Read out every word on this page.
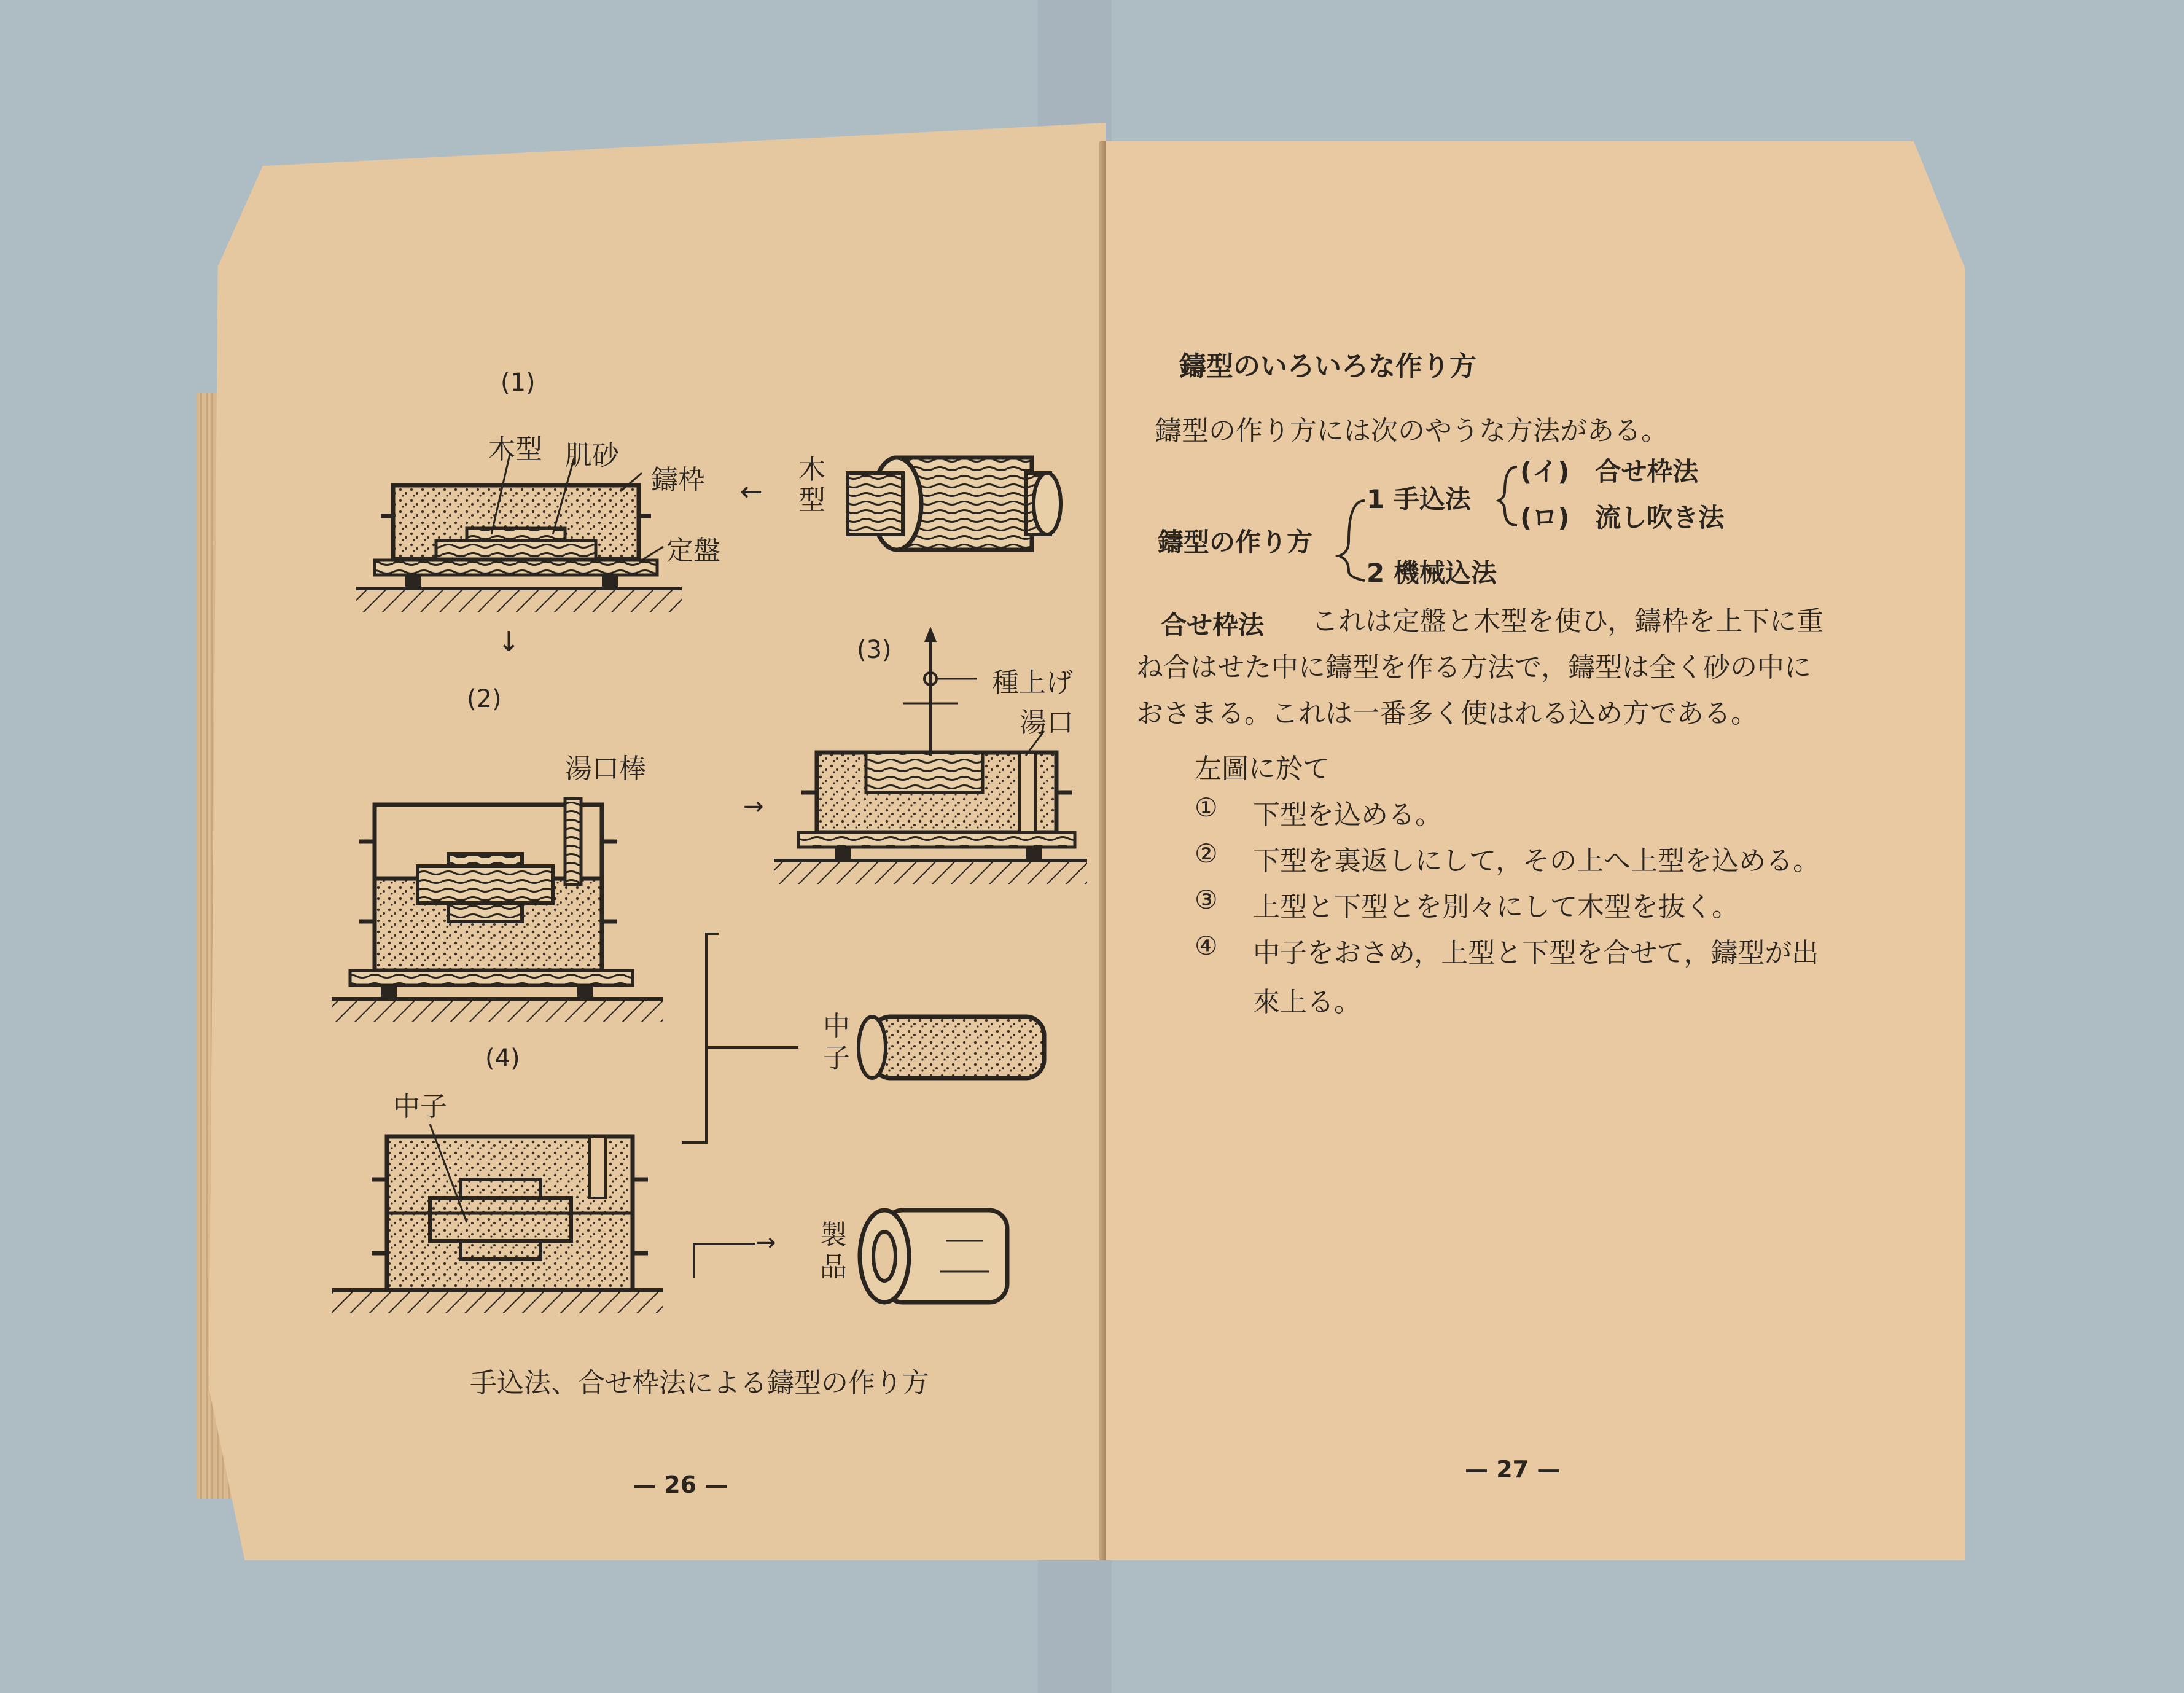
(1)
木型 肌砂
鑄枠
定盤
←
木型
↓
(2)
湯口棒
→
(3)
種上げ
湯口
中子
(4)
中子
→ 製品
手込法、合せ枠法による鑄型の作り方
— 26 —
鑄型のいろいろな作り方
鑄型の作り方には次のやうな方法がある。
鑄型の作り方
1 手込法
(イ)　合せ枠法
(ロ)　流し吹き法
2 機械込法
合せ枠法 これは定盤と木型を使ひ，鑄枠を上下に重
ね合はせた中に鑄型を作る方法で，鑄型は全く砂の中に
おさまる。これは一番多く使はれる込め方である。
左圖に於て
① 下型を込める。
② 下型を裏返しにして，その上へ上型を込める。
③ 上型と下型とを別々にして木型を抜く。
④ 中子をおさめ，上型と下型を合せて，鑄型が出
來上る。
— 27 —
